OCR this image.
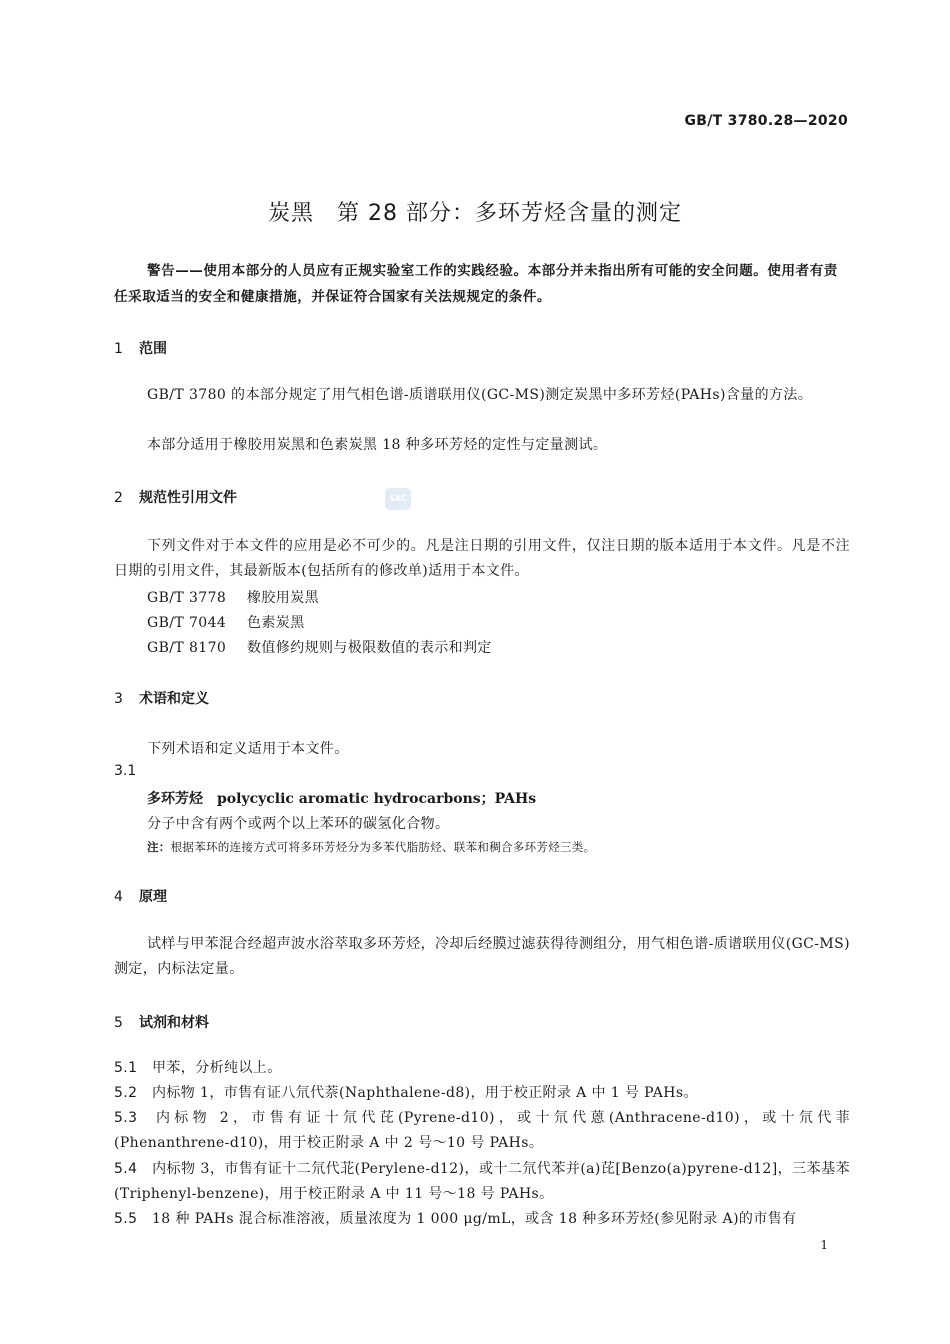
GB/T 3780.28—2020
炭黑　第 28 部分：多环芳烃含量的测定
警告——使用本部分的人员应有正规实验室工作的实践经验。本部分并未指出所有可能的安全问题。使用者有责任采取适当的安全和健康措施，并保证符合国家有关法规规定的条件。
1 范围
GB/T 3780 的本部分规定了用气相色谱-质谱联用仪(GC-MS)测定炭黑中多环芳烃(PAHs)含量的方法。
本部分适用于橡胶用炭黑和色素炭黑 18 种多环芳烃的定性与定量测试。
2 规范性引用文件	SAC
下列文件对于本文件的应用是必不可少的。凡是注日期的引用文件，仅注日期的版本适用于本文件。凡是不注日期的引用文件，其最新版本(包括所有的修改单)适用于本文件。
GB/T 3778 橡胶用炭黑
GB/T 7044 色素炭黑
GB/T 8170 数值修约规则与极限数值的表示和判定
3 术语和定义
下列术语和定义适用于本文件。
3.1
多环芳烃 polycyclic aromatic hydrocarbons；PAHs
分子中含有两个或两个以上苯环的碳氢化合物。
注：根据苯环的连接方式可将多环芳烃分为多苯代脂肪烃、联苯和稠合多环芳烃三类。
4 原理
试样与甲苯混合经超声波水浴萃取多环芳烃，冷却后经膜过滤获得待测组分，用气相色谱-质谱联用仪(GC-MS)测定，内标法定量。
5 试剂和材料
5.1 甲苯，分析纯以上。
5.2 内标物 1，市售有证八氘代萘(Naphthalene-d8)，用于校正附录 A 中 1 号 PAHs。
5.3 内标物 2，市售有证十氘代芘(Pyrene-d10)，或十氘代蒽(Anthracene-d10)，或十氘代菲(Phenanthrene-d10)，用于校正附录 A 中 2 号～10 号 PAHs。
5.4 内标物 3，市售有证十二氘代苝(Perylene-d12)，或十二氘代苯并(a)芘[Benzo(a)pyrene-d12]，三苯基苯(Triphenyl-benzene)，用于校正附录 A 中 11 号～18 号 PAHs。
5.5 18 种 PAHs 混合标准溶液，质量浓度为 1 000 μg/mL，或含 18 种多环芳烃(参见附录 A)的市售有
1
